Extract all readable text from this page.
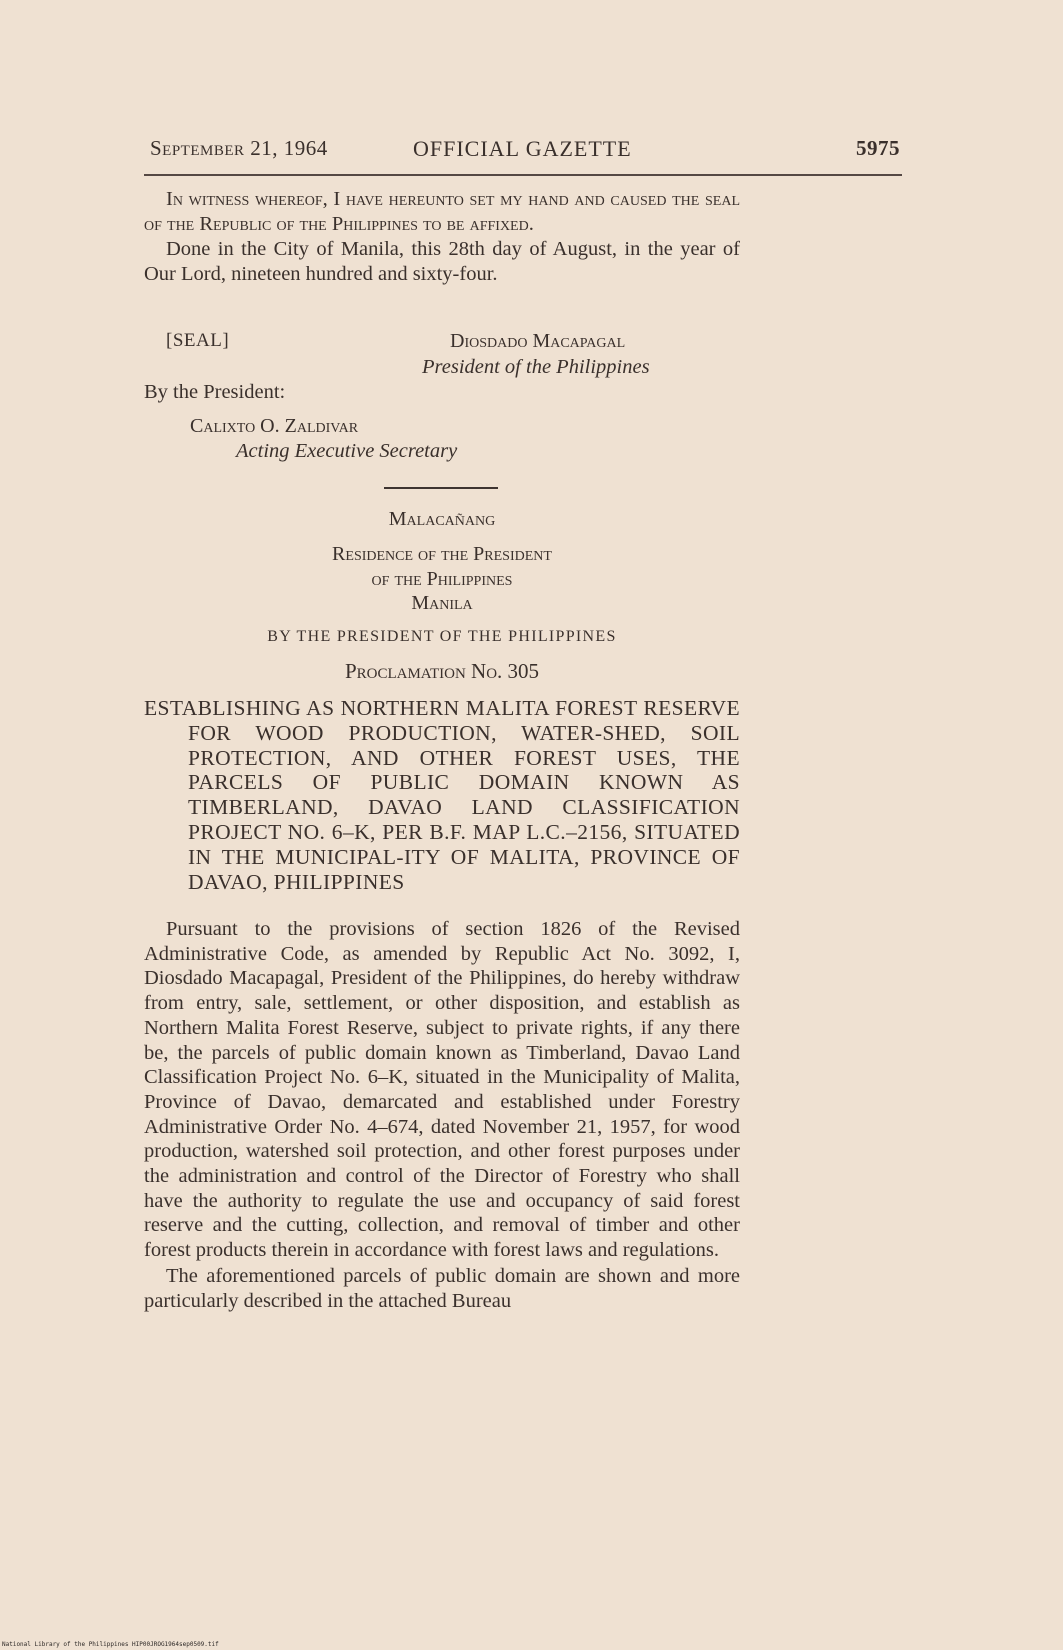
September 21, 1964	OFFICIAL GAZETTE	5975

In witness whereof, I have hereunto set my hand and caused the seal of the Republic of the Philippines to be affixed.

Done in the City of Manila, this 28th day of August, in the year of Our Lord, nineteen hundred and sixty-four.

[SEAL]	Diosdado Macapagal
President of the Philippines
By the President:
Calixto O. Zaldivar
Acting Executive Secretary
Malacañang
Residence of the President
of the Philippines
Manila
BY THE PRESIDENT OF THE PHILIPPINES
Proclamation No. 305

ESTABLISHING AS NORTHERN MALITA FOREST RESERVE FOR WOOD PRODUCTION, WATER-SHED, SOIL PROTECTION, AND OTHER FOREST USES, THE PARCELS OF PUBLIC DOMAIN KNOWN AS TIMBERLAND, DAVAO LAND CLASSIFICATION PROJECT NO. 6–K, PER B.F. MAP L.C.–2156, SITUATED IN THE MUNICIPAL-ITY OF MALITA, PROVINCE OF DAVAO, PHILIPPINES

Pursuant to the provisions of section 1826 of the Revised Administrative Code, as amended by Republic Act No. 3092, I, Diosdado Macapagal, President of the Philippines, do hereby withdraw from entry, sale, settlement, or other disposition, and establish as Northern Malita Forest Reserve, subject to private rights, if any there be, the parcels of public domain known as Timberland, Davao Land Classification Project No. 6–K, situated in the Municipality of Malita, Province of Davao, demarcated and established under Forestry Administrative Order No. 4–674, dated November 21, 1957, for wood production, watershed soil protection, and other forest purposes under the administration and control of the Director of Forestry who shall have the authority to regulate the use and occupancy of said forest reserve and the cutting, collection, and removal of timber and other forest products therein in accordance with forest laws and regulations.

The aforementioned parcels of public domain are shown and more particularly described in the attached Bureau

National Library of the Philippines HIP00JROG1964sep0509.tif
